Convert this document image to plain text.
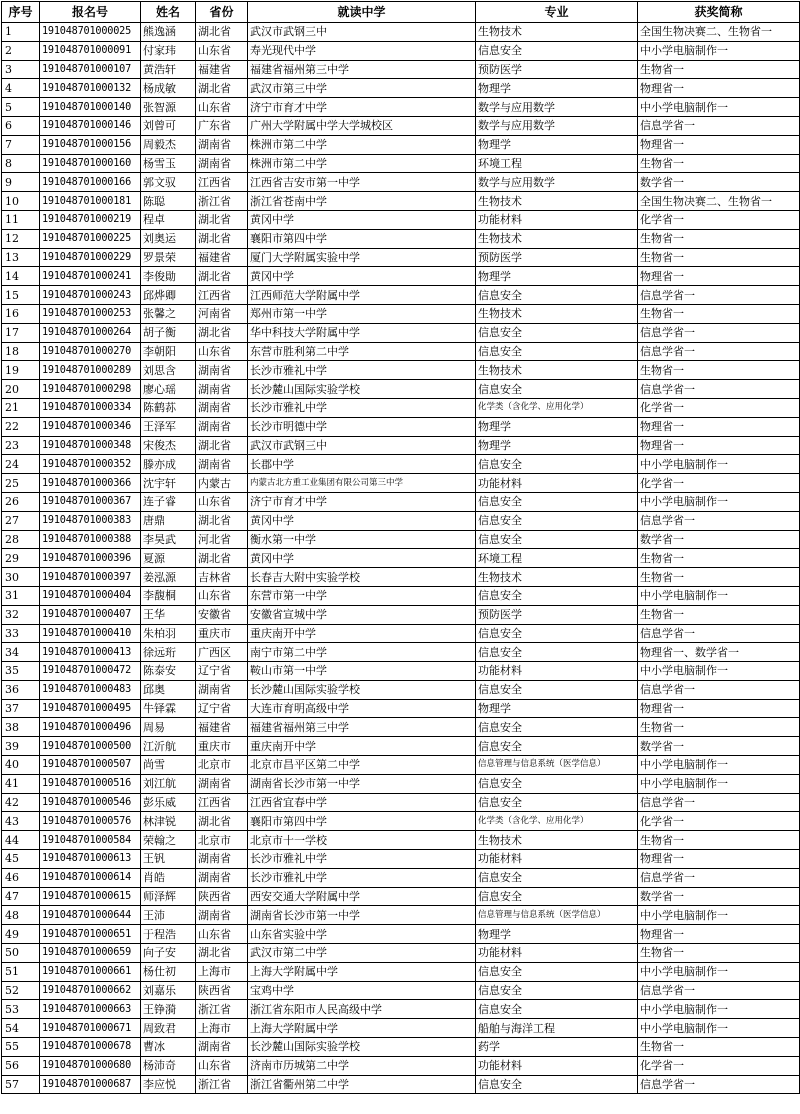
序号	报名号	姓名	省份	就读中学	专业	获奖简称
1	191048701000025	熊逸涵	湖北省	武汉市武钢三中	生物技术	全国生物决赛二、生物省一
2	191048701000091	付家玮	山东省	寿光现代中学	信息安全	中小学电脑制作一
3	191048701000107	黄浩轩	福建省	福建省福州第三中学	预防医学	生物省一
4	191048701000132	杨成敏	湖北省	武汉市第三中学	物理学	物理省一
5	191048701000140	张智源	山东省	济宁市育才中学	数学与应用数学	中小学电脑制作一
6	191048701000146	刘曾可	广东省	广州大学附属中学大学城校区	数学与应用数学	信息学省一
7	191048701000156	周毅杰	湖南省	株洲市第二中学	物理学	物理省一
8	191048701000160	杨雪玉	湖南省	株洲市第二中学	环境工程	生物省一
9	191048701000166	郭文驭	江西省	江西省吉安市第一中学	数学与应用数学	数学省一
10	191048701000181	陈聪	浙江省	浙江省苍南中学	生物技术	全国生物决赛二、生物省一
11	191048701000219	程卓	湖北省	黄冈中学	功能材料	化学省一
12	191048701000225	刘奥运	湖北省	襄阳市第四中学	生物技术	生物省一
13	191048701000229	罗景荣	福建省	厦门大学附属实验中学	预防医学	生物省一
14	191048701000241	李俊勛	湖北省	黄冈中学	物理学	物理省一
15	191048701000243	邱烨卿	江西省	江西师范大学附属中学	信息安全	信息学省一
16	191048701000253	张馨之	河南省	郑州市第一中学	生物技术	生物省一
17	191048701000264	胡子衡	湖北省	华中科技大学附属中学	信息安全	信息学省一
18	191048701000270	李朝阳	山东省	东营市胜利第二中学	信息安全	信息学省一
19	191048701000289	刘思含	湖南省	长沙市雅礼中学	生物技术	生物省一
20	191048701000298	廖心瑶	湖南省	长沙麓山国际实验学校	信息安全	信息学省一
21	191048701000334	陈鹤荪	湖南省	长沙市雅礼中学	化学类（含化学、应用化学）	化学省一
22	191048701000346	王泽军	湖南省	长沙市明德中学	物理学	物理省一
23	191048701000348	宋俊杰	湖北省	武汉市武钢三中	物理学	物理省一
24	191048701000352	滕亦成	湖南省	长郡中学	信息安全	中小学电脑制作一
25	191048701000366	沈宇轩	内蒙古	内蒙古北方重工业集团有限公司第三中学	功能材料	化学省一
26	191048701000367	连子睿	山东省	济宁市育才中学	信息安全	中小学电脑制作一
27	191048701000383	唐鼎	湖北省	黄冈中学	信息安全	信息学省一
28	191048701000388	李昊武	河北省	衡水第一中学	信息安全	数学省一
29	191048701000396	夏源	湖北省	黄冈中学	环境工程	生物省一
30	191048701000397	姜泓源	吉林省	长春吉大附中实验学校	生物技术	生物省一
31	191048701000404	李馥桐	山东省	东营市第一中学	信息安全	中小学电脑制作一
32	191048701000407	王华	安徽省	安徽省宣城中学	预防医学	生物省一
33	191048701000410	朱柏羽	重庆市	重庆南开中学	信息安全	信息学省一
34	191048701000413	徐远珩	广西区	南宁市第二中学	信息安全	物理省一、数学省一
35	191048701000472	陈泰安	辽宁省	鞍山市第一中学	功能材料	中小学电脑制作一
36	191048701000483	邱奥	湖南省	长沙麓山国际实验学校	信息安全	信息学省一
37	191048701000495	牛铎霖	辽宁省	大连市育明高级中学	物理学	物理省一
38	191048701000496	周易	福建省	福建省福州第三中学	信息安全	生物省一
39	191048701000500	江沂航	重庆市	重庆南开中学	信息安全	数学省一
40	191048701000507	尚雪	北京市	北京市昌平区第二中学	信息管理与信息系统（医学信息）	中小学电脑制作一
41	191048701000516	刘江航	湖南省	湖南省长沙市第一中学	信息安全	中小学电脑制作一
42	191048701000546	彭乐威	江西省	江西省宜春中学	信息安全	信息学省一
43	191048701000576	林津锐	湖北省	襄阳市第四中学	化学类（含化学、应用化学）	化学省一
44	191048701000584	荣翰之	北京市	北京市十一学校	生物技术	生物省一
45	191048701000613	王钒	湖南省	长沙市雅礼中学	功能材料	物理省一
46	191048701000614	肖皓	湖南省	长沙市雅礼中学	信息安全	信息学省一
47	191048701000615	师泽辉	陕西省	西安交通大学附属中学	信息安全	数学省一
48	191048701000644	王沛	湖南省	湖南省长沙市第一中学	信息管理与信息系统（医学信息）	中小学电脑制作一
49	191048701000651	于程浩	山东省	山东省实验中学	物理学	物理省一
50	191048701000659	向子安	湖北省	武汉市第二中学	功能材料	生物省一
51	191048701000661	杨仕初	上海市	上海大学附属中学	信息安全	中小学电脑制作一
52	191048701000662	刘嘉乐	陕西省	宝鸡中学	信息安全	信息学省一
53	191048701000663	王铮漪	浙江省	浙江省东阳市人民高级中学	信息安全	中小学电脑制作一
54	191048701000671	周致君	上海市	上海大学附属中学	船舶与海洋工程	中小学电脑制作一
55	191048701000678	曹冰	湖南省	长沙麓山国际实验学校	药学	生物省一
56	191048701000680	杨沛奇	山东省	济南市历城第二中学	功能材料	化学省一
57	191048701000687	李应悦	浙江省	浙江省衢州第二中学	信息安全	信息学省一
